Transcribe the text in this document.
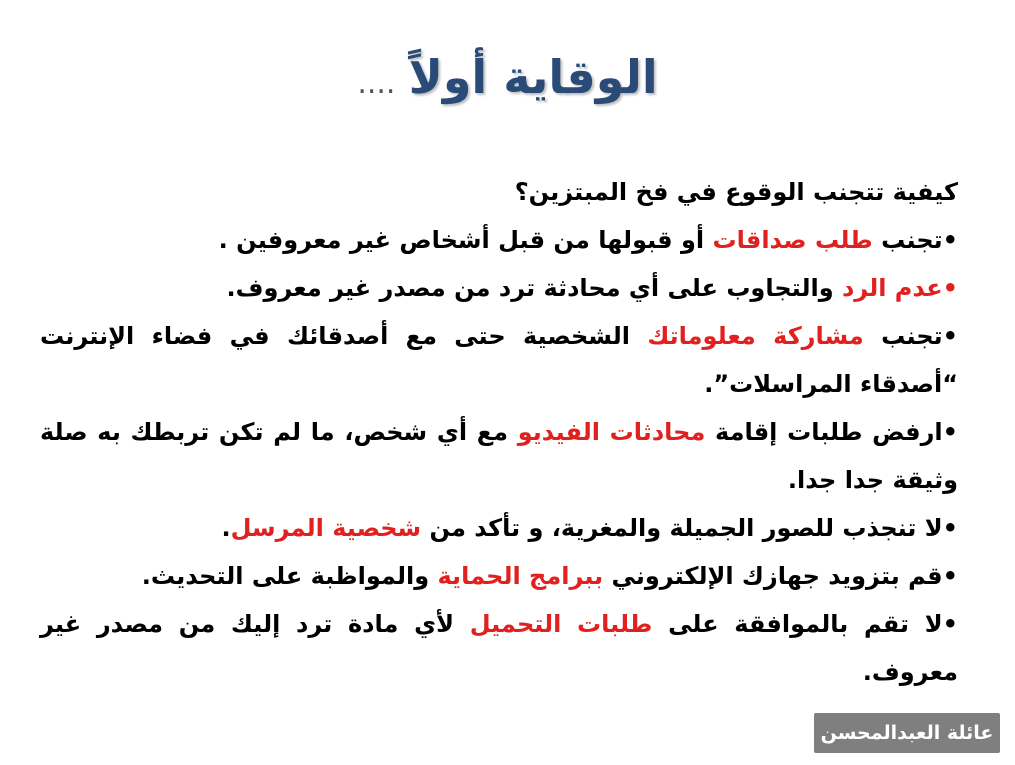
الوقاية أولاً ....

كيفية تتجنب الوقوع في فخ المبتزين؟

•تجنب طلب صداقات أو قبولها من قبل أشخاص غير معروفين .

•عدم الرد والتجاوب على أي محادثة ترد من مصدر غير معروف.

•تجنب مشاركة معلوماتك الشخصية حتى مع أصدقائك في فضاء الإنترنت “أصدقاء المراسلات”.

•ارفض طلبات إقامة محادثات الفيديو مع أي شخص، ما لم تكن تربطك به صلة وثيقة جدا جدا.

•لا تنجذب للصور الجميلة والمغرية، و تأكد من شخصية المرسل.

•قم بتزويد جهازك الإلكتروني ببرامج الحماية والمواظبة على التحديث.

•لا تقم بالموافقة على طلبات التحميل لأي مادة ترد إليك من مصدر غير معروف.

عائلة العبدالمحسن
